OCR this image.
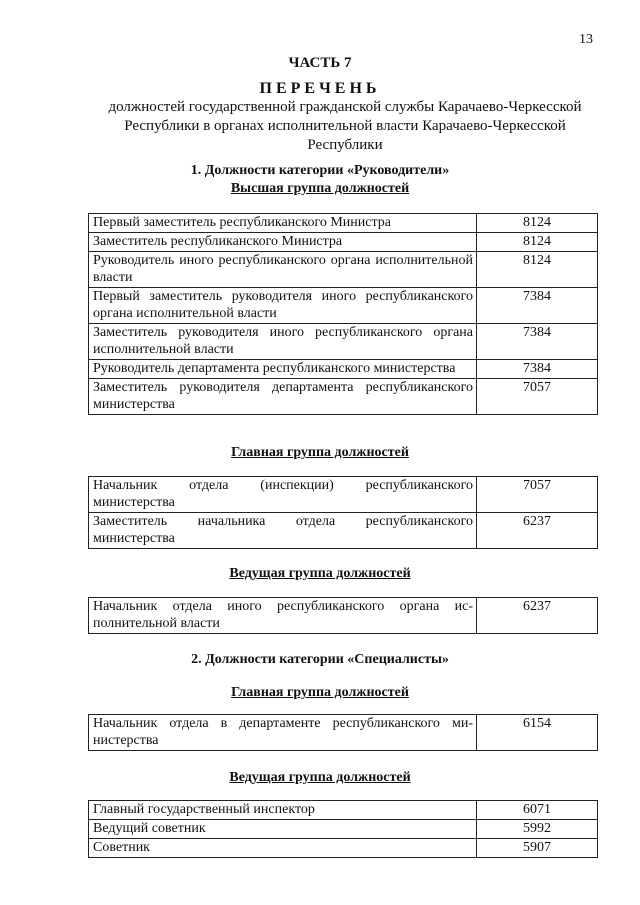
13
ЧАСТЬ 7
ПЕРЕЧЕНЬ
должностей государственной гражданской службы Карачаево-Черкесской Республики в органах исполнительной власти Карачаево-Черкесской Республики
1. Должности категории «Руководители»
Высшая группа должностей
Первый заместитель республиканского Министра	8124
Заместитель республиканского Министра	8124
Руководитель иного республиканского органа исполнительной власти	8124
Первый заместитель руководителя иного республиканского органа исполнительной власти	7384
Заместитель руководителя иного республиканского органа исполнительной власти	7384
Руководитель департамента республиканского министерства	7384
Заместитель руководителя департамента республиканского министерства	7057
Главная группа должностей
Начальник отдела (инспекции) республиканского министерства	7057
Заместитель начальника отдела республиканского министерства	6237
Ведущая группа должностей
Начальник отдела иного республиканского органа исполнительной власти	6237
2. Должности категории «Специалисты»
Главная группа должностей
Начальник отдела в департаменте республиканского министерства	6154
Ведущая группа должностей
Главный государственный инспектор	6071
Ведущий советник	5992
Советник	5907
